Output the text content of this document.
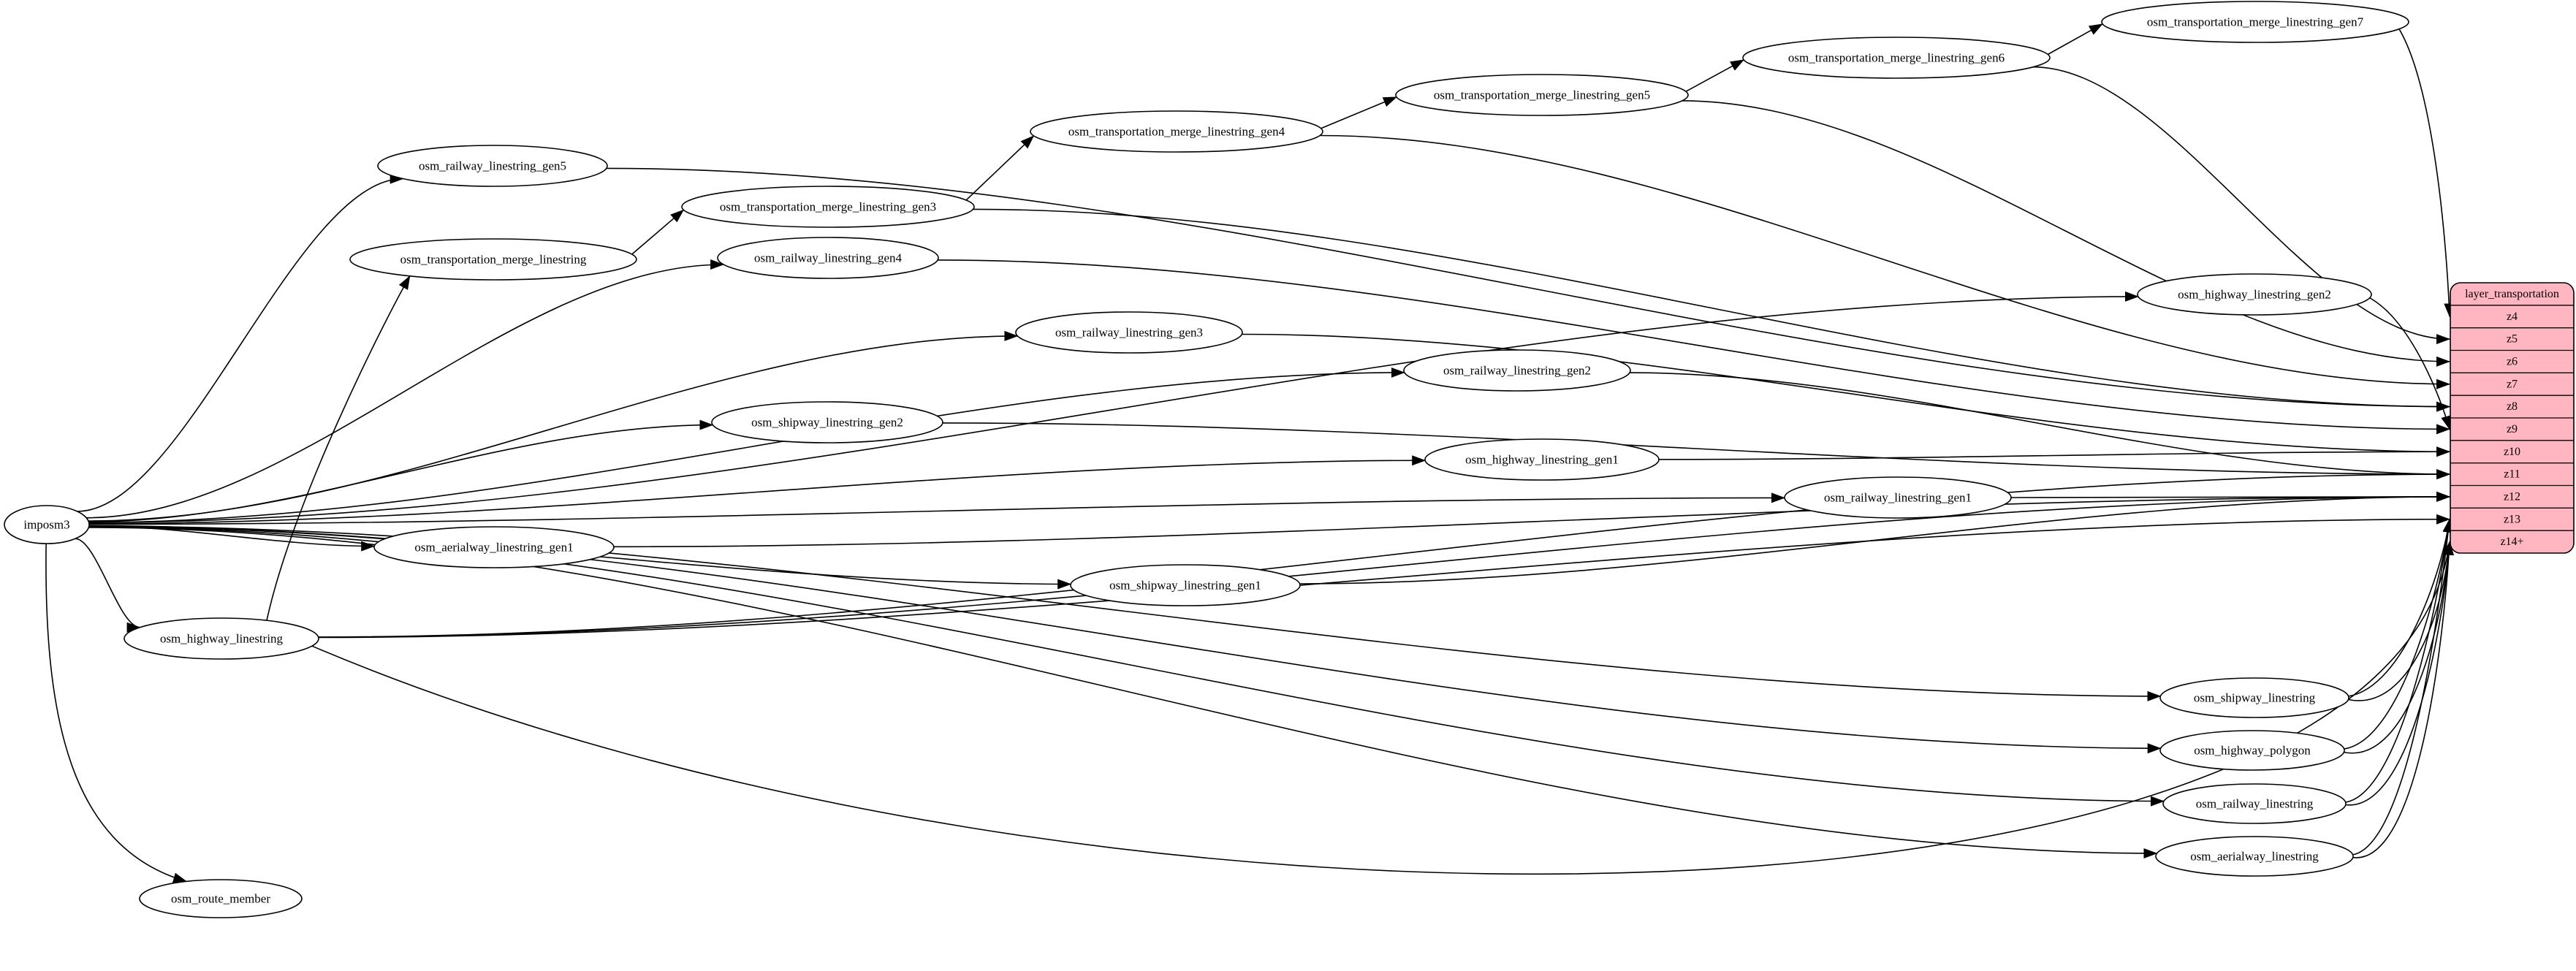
imposm3
osm_railway_linestring_gen5
osm_transportation_merge_linestring
osm_transportation_merge_linestring_gen3
osm_railway_linestring_gen4
osm_transportation_merge_linestring_gen4
osm_transportation_merge_linestring_gen5
osm_transportation_merge_linestring_gen6
osm_transportation_merge_linestring_gen7
osm_railway_linestring_gen3
osm_railway_linestring_gen2
osm_highway_linestring_gen2
osm_shipway_linestring_gen2
osm_highway_linestring_gen1
osm_railway_linestring_gen1
osm_aerialway_linestring_gen1
osm_shipway_linestring_gen1
osm_highway_linestring
osm_shipway_linestring
osm_highway_polygon
osm_railway_linestring
osm_aerialway_linestring
osm_route_member
layer_transportation
z4
z5
z6
z7
z8
z9
z10
z11
z12
z13
z14+
